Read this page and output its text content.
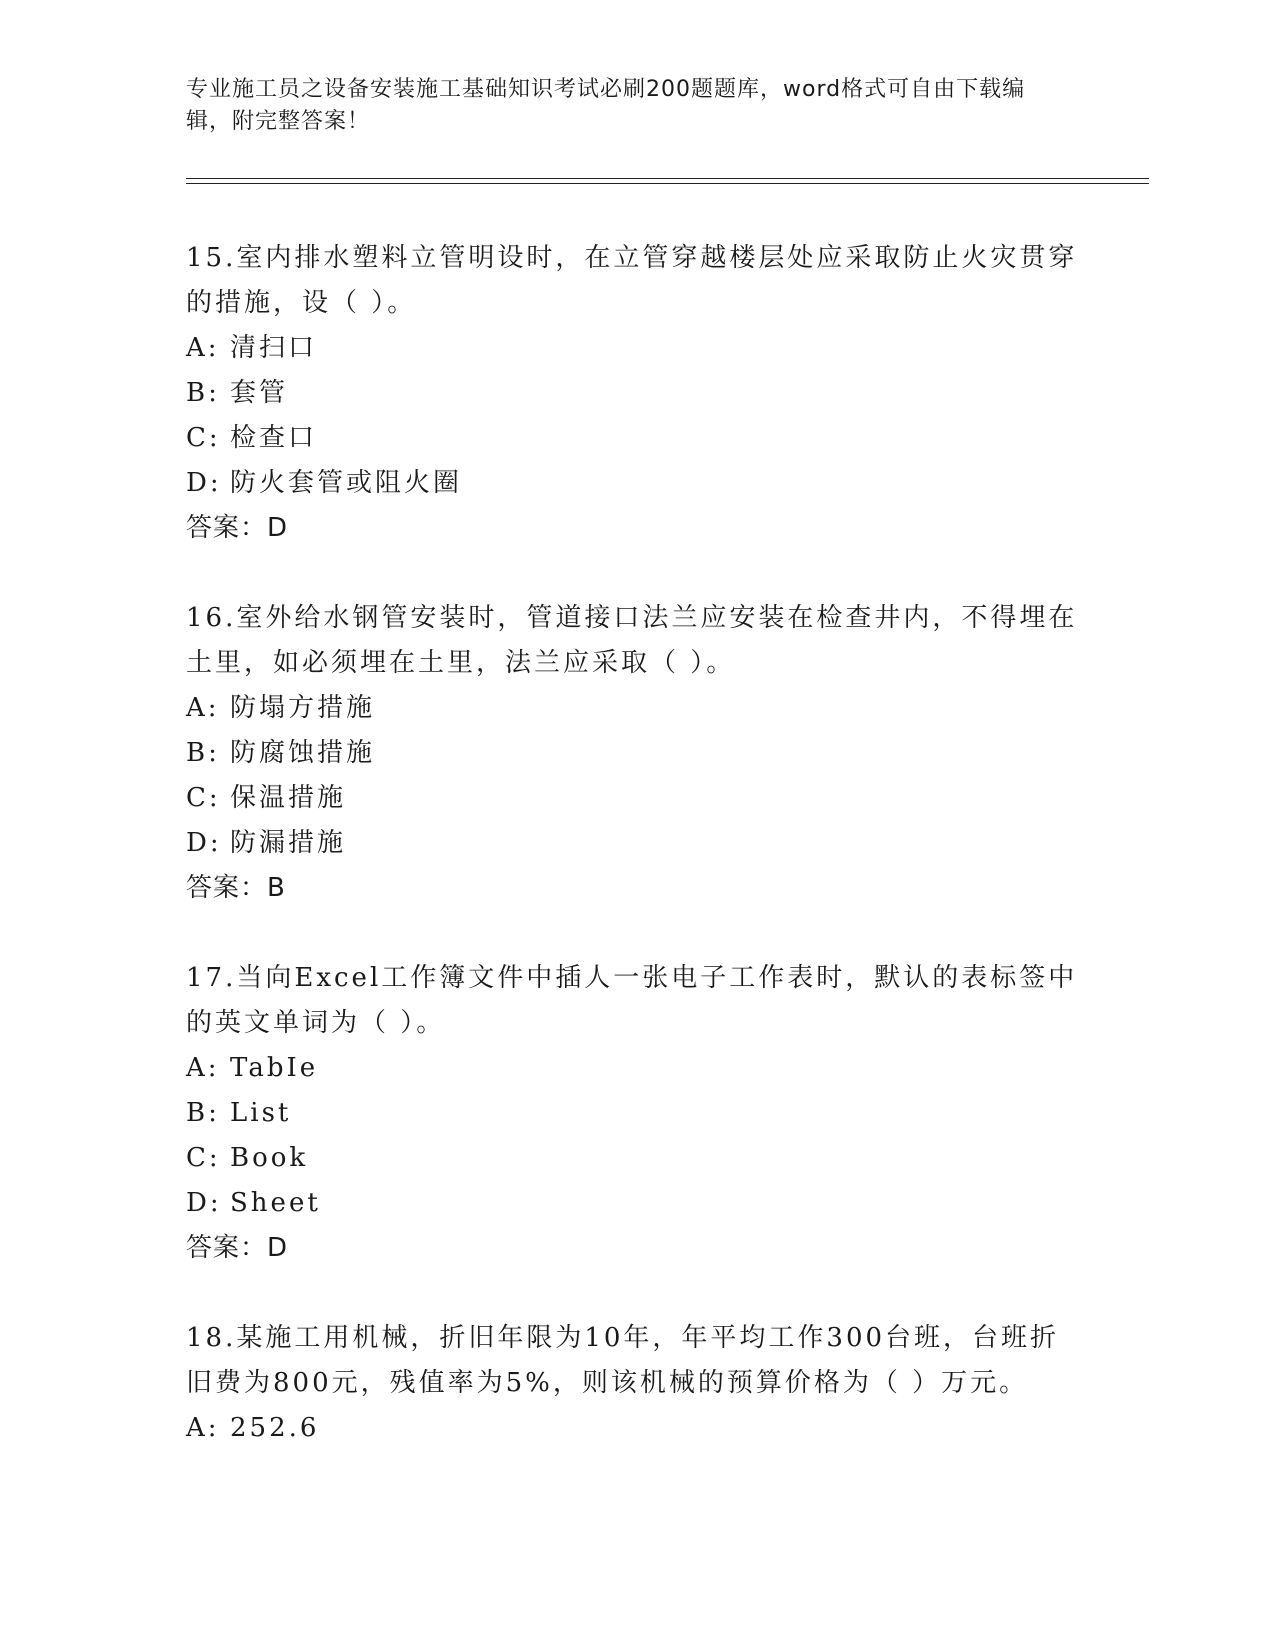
专业施工员之设备安装施工基础知识考试必刷200题题库，word格式可自由下载编辑，附完整答案！

15.室内排水塑料立管明设时，在立管穿越楼层处应采取防止火灾贯穿的措施，设（ ）。

A: 清扫口

B: 套管

C: 检查口

D: 防火套管或阻火圈

答案：D

16.室外给水钢管安装时，管道接口法兰应安装在检查井内，不得埋在土里，如必须埋在土里，法兰应采取（ ）。

A: 防塌方措施

B: 防腐蚀措施

C: 保温措施

D: 防漏措施

答案：B

17.当向Excel工作簿文件中插人一张电子工作表时，默认的表标签中的英文单词为（ ）。

A: TabIe

B: List

C: Book

D: Sheet

答案：D

18.某施工用机械，折旧年限为10年，年平均工作300台班，台班折旧费为800元，残值率为5%，则该机械的预算价格为（ ）万元。

A: 252.6
